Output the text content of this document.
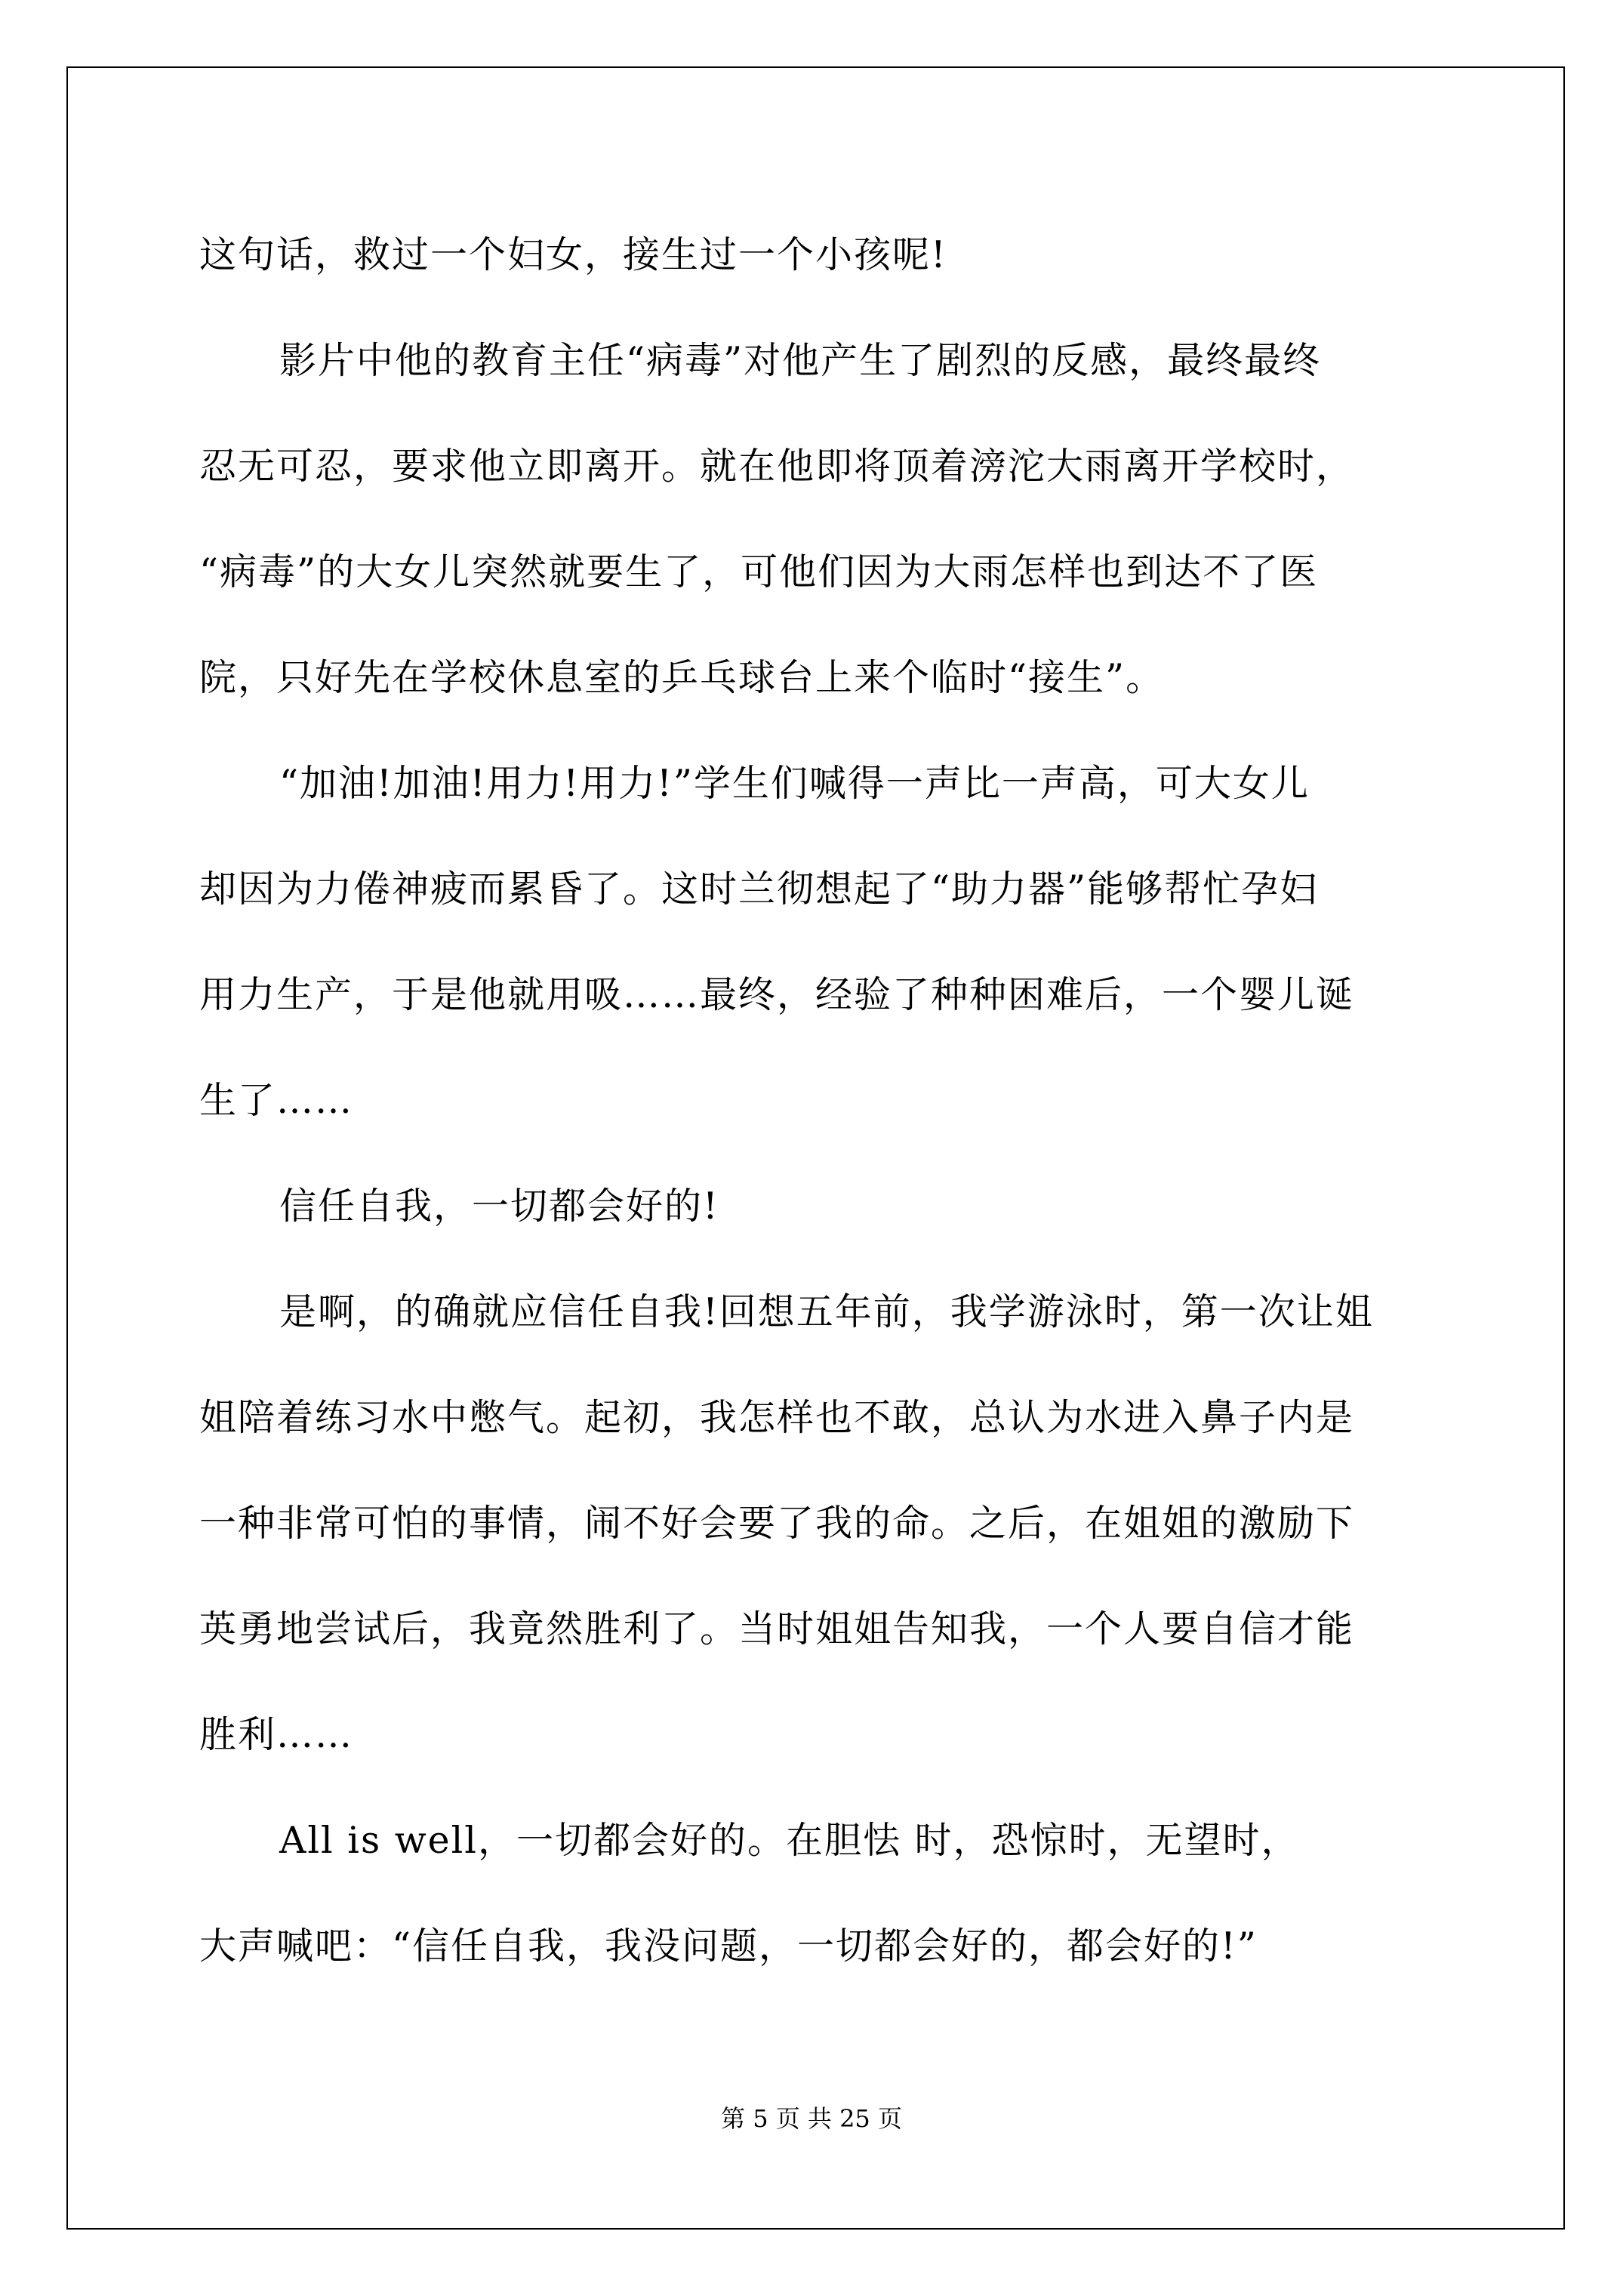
这句话，救过一个妇女，接生过一个小孩呢!
影片中他的教育主任“病毒”对他产生了剧烈的反感，最终最终
忍无可忍，要求他立即离开。就在他即将顶着滂沱大雨离开学校时，
“病毒”的大女儿突然就要生了，可他们因为大雨怎样也到达不了医
院，只好先在学校休息室的乒乓球台上来个临时“接生”。
“加油!加油!用力!用力!”学生们喊得一声比一声高，可大女儿
却因为力倦神疲而累昏了。这时兰彻想起了“助力器”能够帮忙孕妇
用力生产，于是他就用吸……最终，经验了种种困难后，一个婴儿诞
生了……
信任自我，一切都会好的!
是啊，的确就应信任自我!回想五年前，我学游泳时，第一次让姐
姐陪着练习水中憋气。起初，我怎样也不敢，总认为水进入鼻子内是
一种非常可怕的事情，闹不好会要了我的命。之后，在姐姐的激励下
英勇地尝试后，我竟然胜利了。当时姐姐告知我，一个人要自信才能
胜利……
All is well，一切都会好的。在胆怯 时，恐惊时，无望时，
大声喊吧：“信任自我，我没问题，一切都会好的，都会好的!”
第 5 页 共 25 页
